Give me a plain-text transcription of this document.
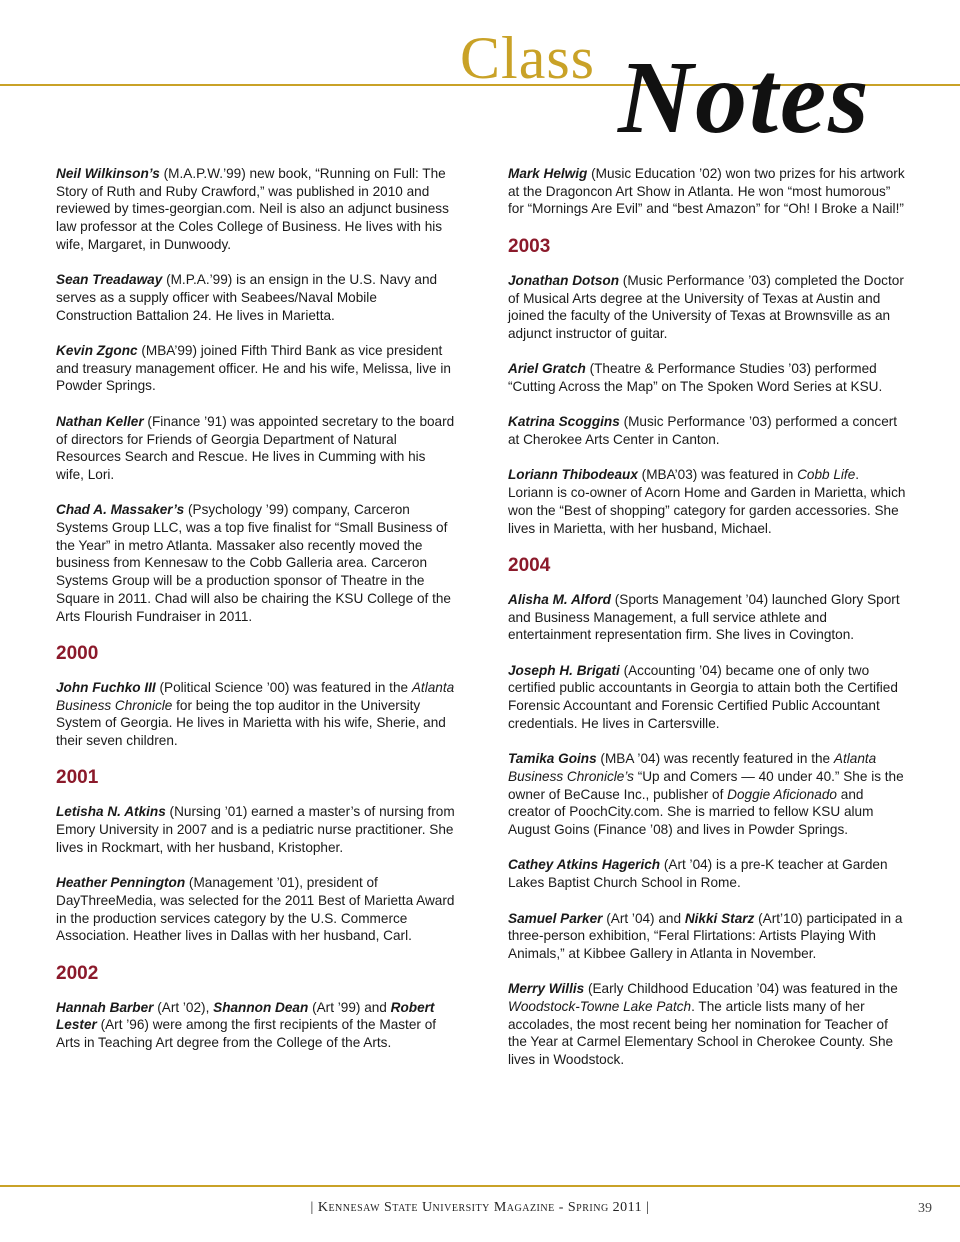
Class Notes

Neil Wilkinson’s (M.A.P.W.’99) new book, “Running on Full: The Story of Ruth and Ruby Crawford,” was published in 2010 and reviewed by times-georgian.com. Neil is also an adjunct business law professor at the Coles College of Business. He lives with his wife, Margaret, in Dunwoody.

Sean Treadaway (M.P.A.’99) is an ensign in the U.S. Navy and serves as a supply officer with Seabees/Naval Mobile Construction Battalion 24. He lives in Marietta.

Kevin Zgonc (MBA’99) joined Fifth Third Bank as vice president and treasury management officer. He and his wife, Melissa, live in Powder Springs.

Nathan Keller (Finance ’91) was appointed secretary to the board of directors for Friends of Georgia Department of Natural Resources Search and Rescue. He lives in Cumming with his wife, Lori.

Chad A. Massaker’s (Psychology ’99) company, Carceron Systems Group LLC, was a top five finalist for “Small Business of the Year” in metro Atlanta. Massaker also recently moved the business from Kennesaw to the Cobb Galleria area. Carceron Systems Group will be a production sponsor of Theatre in the Square in 2011. Chad will also be chairing the KSU College of the Arts Flourish Fundraiser in 2011.

2000

John Fuchko III (Political Science ’00) was featured in the Atlanta Business Chronicle for being the top auditor in the University System of Georgia. He lives in Marietta with his wife, Sherie, and their seven children.

2001

Letisha N. Atkins (Nursing ’01) earned a master’s of nursing from Emory University in 2007 and is a pediatric nurse practitioner. She lives in Rockmart, with her husband, Kristopher.

Heather Pennington (Management ’01), president of DayThreeMedia, was selected for the 2011 Best of Marietta Award in the production services category by the U.S. Commerce Association. Heather lives in Dallas with her husband, Carl.

2002

Hannah Barber (Art ’02), Shannon Dean (Art ’99) and Robert Lester (Art ’96) were among the first recipients of the Master of Arts in Teaching Art degree from the College of the Arts.

Mark Helwig (Music Education ’02) won two prizes for his artwork at the Dragoncon Art Show in Atlanta. He won “most humorous” for “Mornings Are Evil” and “best Amazon” for “Oh! I Broke a Nail!”

2003

Jonathan Dotson (Music Performance ’03) completed the Doctor of Musical Arts degree at the University of Texas at Austin and joined the faculty of the University of Texas at Brownsville as an adjunct instructor of guitar.

Ariel Gratch (Theatre & Performance Studies ’03) performed “Cutting Across the Map” on The Spoken Word Series at KSU.

Katrina Scoggins (Music Performance ’03) performed a concert at Cherokee Arts Center in Canton.

Loriann Thibodeaux (MBA’03) was featured in Cobb Life. Loriann is co-owner of Acorn Home and Garden in Marietta, which won the “Best of shopping” category for garden accessories. She lives in Marietta, with her husband, Michael.

2004

Alisha M. Alford (Sports Management ’04) launched Glory Sport and Business Management, a full service athlete and entertainment representation firm. She lives in Covington.

Joseph H. Brigati (Accounting ’04) became one of only two certified public accountants in Georgia to attain both the Certified Forensic Accountant and Forensic Certified Public Accountant credentials. He lives in Cartersville.

Tamika Goins (MBA ’04) was recently featured in the Atlanta Business Chronicle’s “Up and Comers — 40 under 40.” She is the owner of BeCause Inc., publisher of Doggie Aficionado and creator of PoochCity.com. She is married to fellow KSU alum August Goins (Finance ’08) and lives in Powder Springs.

Cathey Atkins Hagerich (Art ’04) is a pre-K teacher at Garden Lakes Baptist Church School in Rome.

Samuel Parker (Art ’04) and Nikki Starz (Art’10) participated in a three-person exhibition, “Feral Flirtations: Artists Playing With Animals,” at Kibbee Gallery in Atlanta in November.

Merry Willis (Early Childhood Education ’04) was featured in the Woodstock-Towne Lake Patch. The article lists many of her accolades, the most recent being her nomination for Teacher of the Year at Carmel Elementary School in Cherokee County. She lives in Woodstock.

| Kennesaw State University Magazine - Spring 2011 |	39
